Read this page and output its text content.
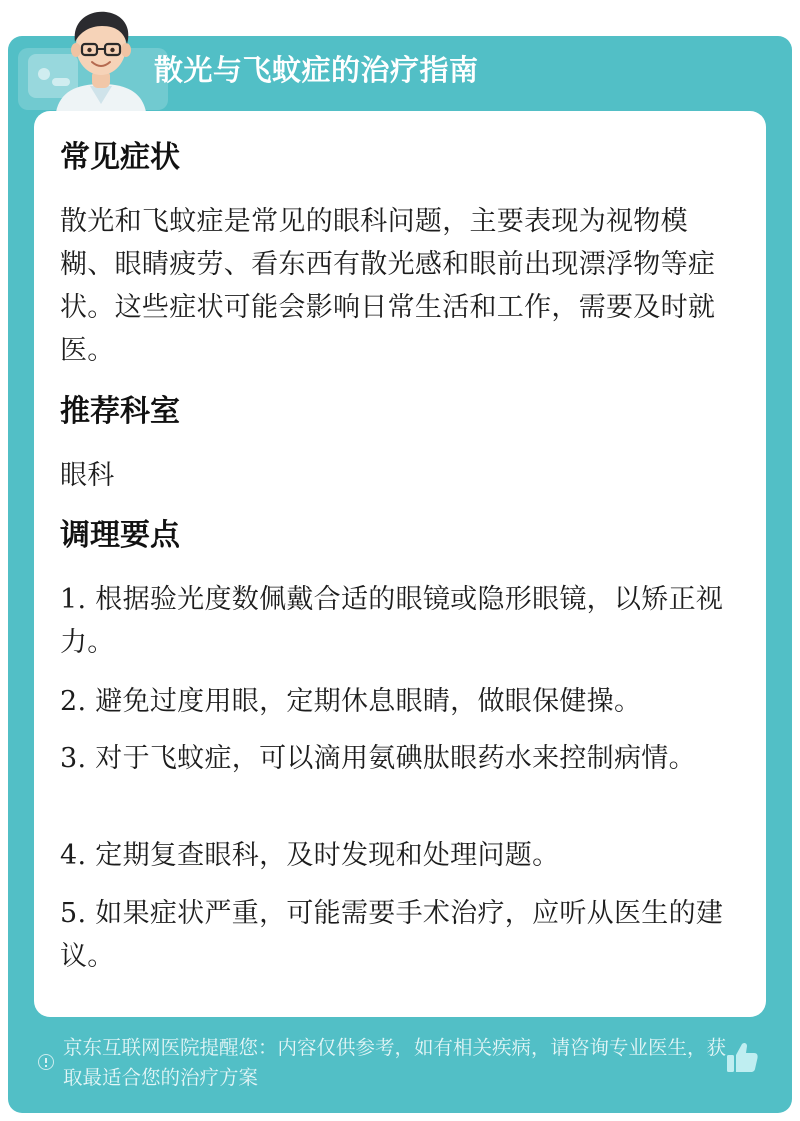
散光与飞蚊症的治疗指南
常见症状
散光和飞蚊症是常见的眼科问题，主要表现为视物模糊、眼睛疲劳、看东西有散光感和眼前出现漂浮物等症状。这些症状可能会影响日常生活和工作，需要及时就医。
推荐科室
眼科
调理要点
1. 根据验光度数佩戴合适的眼镜或隐形眼镜，以矫正视力。
2. 避免过度用眼，定期休息眼睛，做眼保健操。
3. 对于飞蚊症，可以滴用氨碘肽眼药水来控制病情。
4. 定期复查眼科，及时发现和处理问题。
5. 如果症状严重，可能需要手术治疗，应听从医生的建议。
京东互联网医院提醒您：内容仅供参考，如有相关疾病，请咨询专业医生，获取最适合您的治疗方案
